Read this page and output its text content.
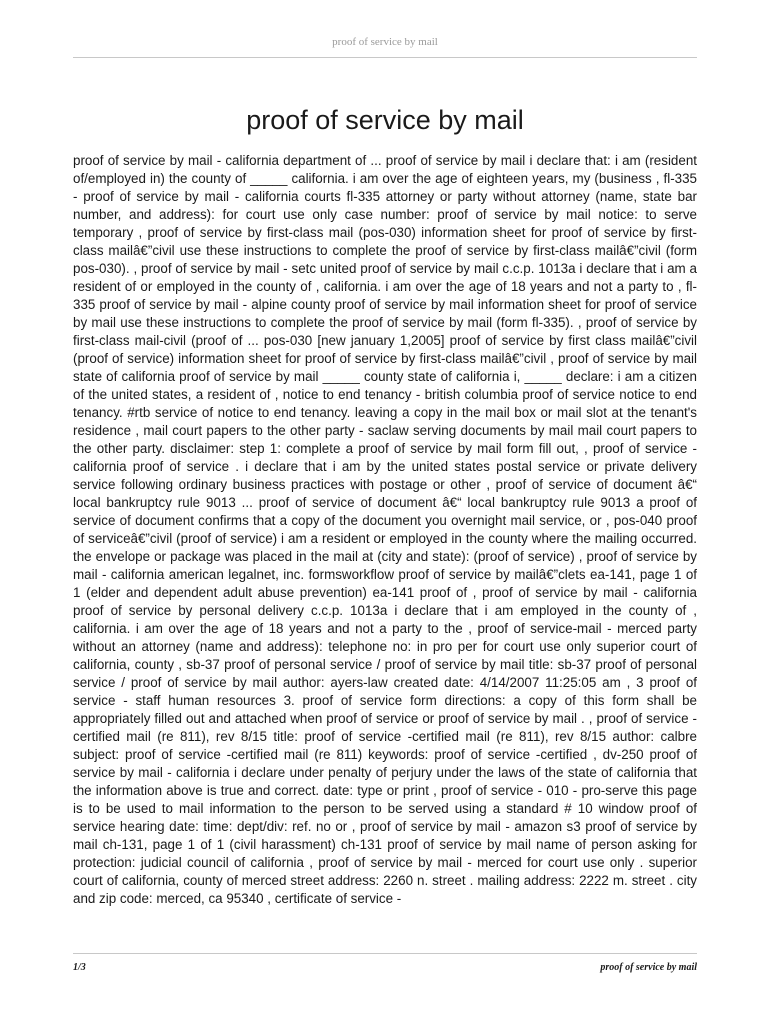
proof of service by mail
proof of service by mail

proof of service by mail - california department of ... proof of service by mail i declare that: i am (resident of/employed in) the county of _____ california. i am over the age of eighteen years, my (business , fl-335 - proof of service by mail - california courts fl-335 attorney or party without attorney (name, state bar number, and address): for court use only case number: proof of service by mail notice: to serve temporary , proof of service by first-class mail (pos-030) information sheet for proof of service by first-class mailâ€”civil use these instructions to complete the proof of service by first-class mailâ€”civil (form pos-030). , proof of service by mail - setc united proof of service by mail c.c.p. 1013a i declare that i am a resident of or employed in the county of , california. i am over the age of 18 years and not a party to , fl-335 proof of service by mail - alpine county proof of service by mail information sheet for proof of service by mail use these instructions to complete the proof of service by mail (form fl-335). , proof of service by first-class mail-civil (proof of ... pos-030 [new january 1,2005] proof of service by first class mailâ€”civil (proof of service) information sheet for proof of service by first-class mailâ€”civil , proof of service by mail state of california proof of service by mail _____ county state of california i, _____ declare: i am a citizen of the united states, a resident of , notice to end tenancy - british columbia proof of service notice to end tenancy. #rtb service of notice to end tenancy. leaving a copy in the mail box or mail slot at the tenant's residence , mail court papers to the other party - saclaw serving documents by mail mail court papers to the other party. disclaimer: step 1: complete a proof of service by mail form fill out, , proof of service - california proof of service . i declare that i am by the united states postal service or private delivery service following ordinary business practices with postage or other , proof of service of document â€“ local bankruptcy rule 9013 ... proof of service of document â€“ local bankruptcy rule 9013 a proof of service of document confirms that a copy of the document you overnight mail service, or , pos-040 proof of serviceâ€”civil (proof of service) i am a resident or employed in the county where the mailing occurred. the envelope or package was placed in the mail at (city and state): (proof of service) , proof of service by mail - california american legalnet, inc. formsworkflow proof of service by mailâ€”clets ea-141, page 1 of 1 (elder and dependent adult abuse prevention) ea-141 proof of , proof of service by mail - california proof of service by personal delivery c.c.p. 1013a i declare that i am employed in the county of , california. i am over the age of 18 years and not a party to the , proof of service-mail - merced party without an attorney (name and address): telephone no: in pro per for court use only superior court of california, county , sb-37 proof of personal service / proof of service by mail title: sb-37 proof of personal service / proof of service by mail author: ayers-law created date: 4/14/2007 11:25:05 am , 3 proof of service - staff human resources 3. proof of service form directions: a copy of this form shall be appropriately filled out and attached when proof of service or proof of service by mail . , proof of service -certified mail (re 811), rev 8/15 title: proof of service -certified mail (re 811), rev 8/15 author: calbre subject: proof of service -certified mail (re 811) keywords: proof of service -certified , dv-250 proof of service by mail - california i declare under penalty of perjury under the laws of the state of california that the information above is true and correct. date: type or print , proof of service - 010 - pro-serve this page is to be used to mail information to the person to be served using a standard # 10 window proof of service hearing date: time: dept/div: ref. no or , proof of service by mail - amazon s3 proof of service by mail ch-131, page 1 of 1 (civil harassment) ch-131 proof of service by mail name of person asking for protection: judicial council of california , proof of service by mail - merced for court use only . superior court of california, county of merced street address: 2260 n. street . mailing address: 2222 m. street . city and zip code: merced, ca 95340 , certificate of service -

1/3	proof of service by mail
